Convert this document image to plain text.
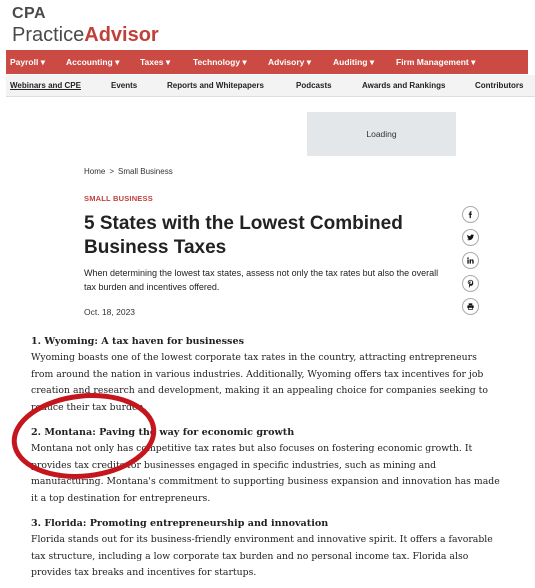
CPA
PracticeAdvisor
Payroll ▾ Accounting ▾ Taxes ▾	Technology ▾	Advisory ▾	Auditing ▾	Firm Management ▾
Webinars and CPE	Events	Reports and Whitepapers	Podcasts	Awards and Rankings	Contributors
Loading
Home > Small Business
SMALL BUSINESS
5 States with the Lowest Combined Business Taxes
When determining the lowest tax states, assess not only the tax rates but also the overall tax burden and incentives offered.
Oct. 18, 2023
1. Wyoming: A tax haven for businesses

Wyoming boasts one of the lowest corporate tax rates in the country, attracting entrepreneurs from around the nation in various industries. Additionally, Wyoming offers tax incentives for job creation and research and development, making it an appealing choice for companies seeking to reduce their tax burden.

2. Montana: Paving the way for economic growth

Montana not only has competitive tax rates but also focuses on fostering economic growth. It provides tax credits for businesses engaged in specific industries, such as mining and manufacturing. Montana's commitment to supporting business expansion and innovation has made it a top destination for entrepreneurs.

3. Florida: Promoting entrepreneurship and innovation

Florida stands out for its business-friendly environment and innovative spirit. It offers a favorable tax structure, including a low corporate tax burden and no personal income tax. Florida also provides tax breaks and incentives for startups.
